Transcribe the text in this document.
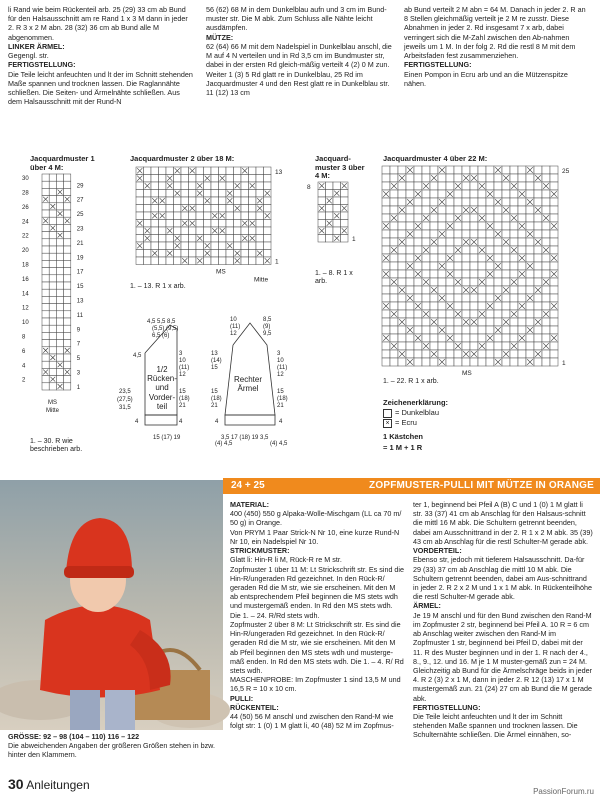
li Rand wie beim Rückenteil arb. 25 (29) 33 cm ab Bund für den Halsausschnitt am re Rand 1 x 3 M dann in jeder 2. R 3 x 2 M abn. 28 (32) 36 cm ab Bund alle M abgenommen.

LINKER ÄRMEL:

Gegengl. str.

FERTIGSTELLUNG:

Die Teile leicht anfeuchten und lt der im Schnitt stehenden Maße spannen und trocknen lassen. Die Raglannähte schließen. Die Seiten- und Ärmelnähte schließen. Aus dem Halsausschnitt mit der Rund-N

56 (62) 68 M in dem Dunkelblau aufn und 3 cm im Bund-muster str. Die M abk. Zum Schluss alle Nähte leicht ausdämpfen.

MÜTZE:

62 (64) 66 M mit dem Nadelspiel in Dunkelblau anschl, die M auf 4 N verteilen und in Rd 3,5 cm im Bundmuster str, dabei in der ersten Rd gleich-mäßig verteilt 4 (2) 0 M zun. Weiter 1 (3) 5 Rd glatt re in Dunkelblau, 25 Rd im Jacquardmuster 4 und den Rest glatt re in Dunkelblau str. 11 (12) 13 cm

ab Bund verteilt 2 M abn = 64 M. Danach in jeder 2. R an 8 Stellen gleichmäßig verteilt je 2 M re zusstr. Diese Abnahmen in jeder 2. Rd insgesamt 7 x arb, dabei verringert sich die M-Zahl zwischen den Ab-nahmen jeweils um 1 M. In der folg 2. Rd die restl 8 M mit dem Arbeitsfaden fest zusammenziehen.

FERTIGSTELLUNG:

Einen Pompon in Ecru arb und an die Mützenspitze nähen.

Jacquardmuster 1 über 4 M:
30
28
26
24
22
20
18
16
14
12
10
8
6
4
2
29
27
25
23
21
19
17
15
13
11
9
7
5
3
1
MS
Mitte
1. – 30. R wie beschrieben arb.
Jacquardmuster 2 über 18 M:
13
1
MS
Mitte
1. – 13. R 1 x arb.
Jacquard-muster 3 über 4 M:
8
1
1. – 8. R 1 x arb.
Jacquardmuster 4 über 22 M:
25
1
MS
1. – 22. R 1 x arb.
Zeichenerklärung:
= Dunkelblau
× = Ecru
1 Kästchen
= 1 M + 1 R
4,5 5,5 8,5
(5,5) (9,5)
6,5 (6)
4,5
23,5
(27,5)
31,5
3
10
(11)
12
15
(18)
21
4	4
15 (17) 19
10
(11)
12
8,5
(9)
9,5
13
(14)
15
3
10
(11)
12
15
(18)
21
15
(18)
21
4	4
3,5 17 (18) 19 3,5
(4) 4,5	(4) 4,5
1/2 Rücken-und Vorder-teil
Rechter Ärmel
24 + 25	ZOPFMUSTER-PULLI MIT MÜTZE IN ORANGE

GRÖSSE: 92 – 98 (104 – 110) 116 – 122

Die abweichenden Angaben der größeren Größen stehen in bzw. hinter den Klammern.

MATERIAL:

400 (450) 550 g Alpaka-Wolle-Mischgam (LL ca 70 m/ 50 g) in Orange.

Von PRYM 1 Paar Strick-N Nr 10, eine kurze Rund-N Nr 10, ein Nadelspiel Nr 10.

STRICKMUSTER:

Glatt li: Hin-R li M, Rück-R re M str.

Zopfmuster 1 über 11 M: Lt Strickschrift str. Es sind die Hin-R/ungeraden Rd gezeichnet. In den Rück-R/ geraden Rd die M str, wie sie erscheinen. Mit den M ab entsprechendem Pfeil beginnen die MS stets wdh und mustergemäß enden. In Rd den MS stets wdh. Die 1. – 24. R/Rd stets wdh.

Zopfmuster 2 über 8 M: Lt Strickschrift str. Es sind die Hin-R/ungeraden Rd gezeichnet. In den Rück-R/ geraden Rd die M str, wie sie erscheinen. Mit den M ab Pfeil beginnen den MS stets wdh und musterge-mäß enden. In Rd den MS stets wdh. Die 1. – 4. R/ Rd stets wdh.

MASCHENPROBE: Im Zopfmuster 1 sind 13,5 M und 16,5 R = 10 x 10 cm.

PULLI:

RÜCKENTEIL:

44 (50) 56 M anschl und zwischen den Rand-M wie folgt str: 1 (0) 1 M glatt li, 40 (48) 52 M im Zopfmus-

ter 1, beginnend bei Pfeil A (B) C und 1 (0) 1 M glatt li str. 33 (37) 41 cm ab Anschlag für den Halsaus-schnitt die mittl 16 M abk. Die Schultern getrennt beenden, dabei am Ausschnittrand in der 2. R 1 x 2 M abk. 35 (39) 43 cm ab Anschlag für die restl Schulter-M gerade abk.

VORDERTEIL:

Ebenso str, jedoch mit tieferem Halsausschnitt. Da-für 29 (33) 37 cm ab Anschlag die mittl 10 M abk. Die Schultern getrennt beenden, dabei am Aus-schnittrand in jeder 2. R 2 x 2 M und 1 x 1 M abk. In Rückenteilhöhe die restl Schulter-M gerade abk.

ÄRMEL:

Je 19 M anschl und für den Bund zwischen den Rand-M im Zopfmuster 2 str, beginnend bei Pfeil A. 10 R = 6 cm ab Anschlag weiter zwischen den Rand-M im Zopfmuster 1 str, beginnend bei Pfeil D, dabei mit der 11. R des Muster beginnen und in der 1. R nach der 4., 8., 9., 12. und 16. M je 1 M muster-gemäß zun = 24 M. Gleichzeitig ab Bund für die Ärmelschräge beids in jeder 4. R 2 (3) 2 x 1 M, dann in jeder 2. R 12 (13) 17 x 1 M mustergemäß zun. 21 (24) 27 cm ab Bund die M gerade abk.

FERTIGSTELLUNG:

Die Teile leicht anfeuchten und lt der im Schnitt stehenden Maße spannen und trocknen lassen. Die Schulternähte schließen. Die Ärmel einnähen, so-

30 Anleitungen	PassionForum.ru
